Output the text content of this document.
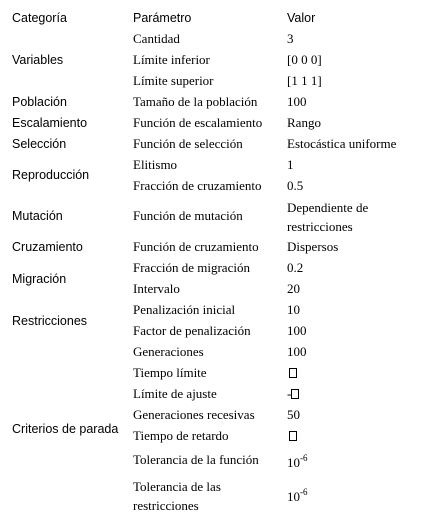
Categoría	Parámetro	Valor
Variables
Población
Escalamiento
Selección
Reproducción
Mutación
Cruzamiento
Migración
Restricciones
Criterios de parada
Cantidad
Límite inferior
Límite superior
Tamaño de la población
Función de escalamiento
Función de selección
Elitismo
Fracción de cruzamiento
Función de mutación
Función de cruzamiento
Fracción de migración
Intervalo
Penalización inicial
Factor de penalización
Generaciones
Tiempo límite
Límite de ajuste
Generaciones recesivas
Tiempo de retardo
Tolerancia de la función
Tolerancia de las restricciones
3
[0 0 0]
[1 1 1]
100
Rango
Estocástica uniforme
1
0.5
Dependiente de restricciones
Dispersos
0.2
20
10
100
100
-
50
$10^{-6}$
$10^{-6}$
